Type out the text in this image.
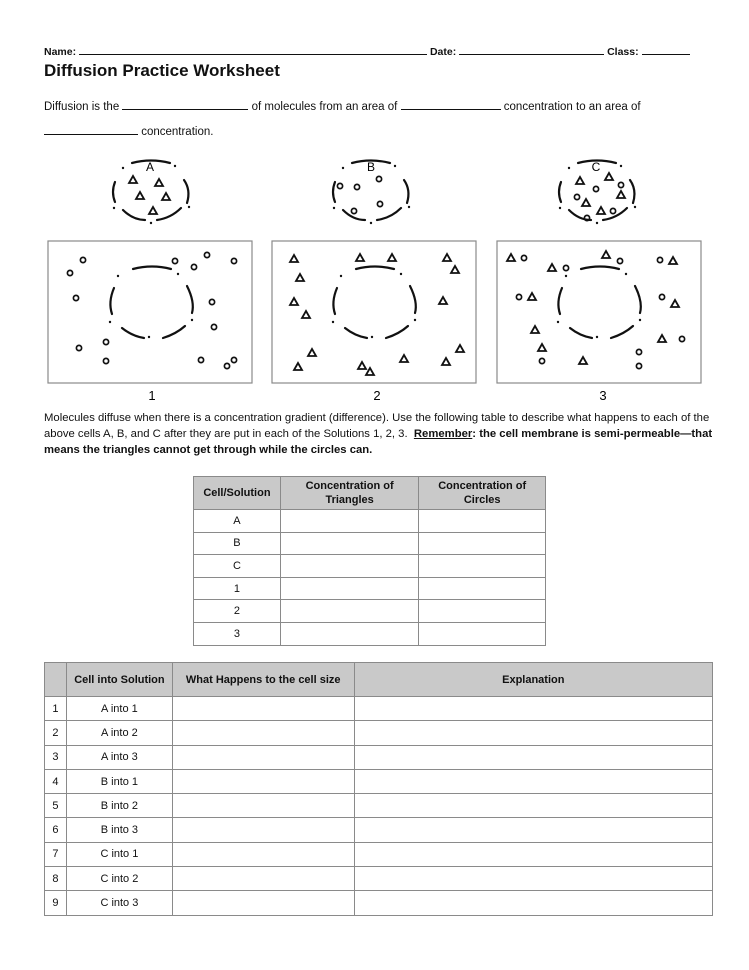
Name:	Date:	Class:
Diffusion Practice Worksheet
Diffusion is the	of molecules from an area of	concentration to an area of
concentration.
A	B	C
1	2	3
Molecules diffuse when there is a concentration gradient (difference). Use the following table to describe what happens to each of the above cells A, B, and C after they are put in each of the Solutions 1, 2, 3. Remember: the cell membrane is semi-permeable—that means the triangles cannot get through while the circles can.
Cell/Solution	Concentration of Triangles	Concentration of Circles
A		
B		
C		
1		
2		
3		
	Cell into Solution	What Happens to the cell size	Explanation
1	A into 1		
2	A into 2		
3	A into 3		
4	B into 1		
5	B into 2		
6	B into 3		
7	C into 1		
8	C into 2		
9	C into 3		
